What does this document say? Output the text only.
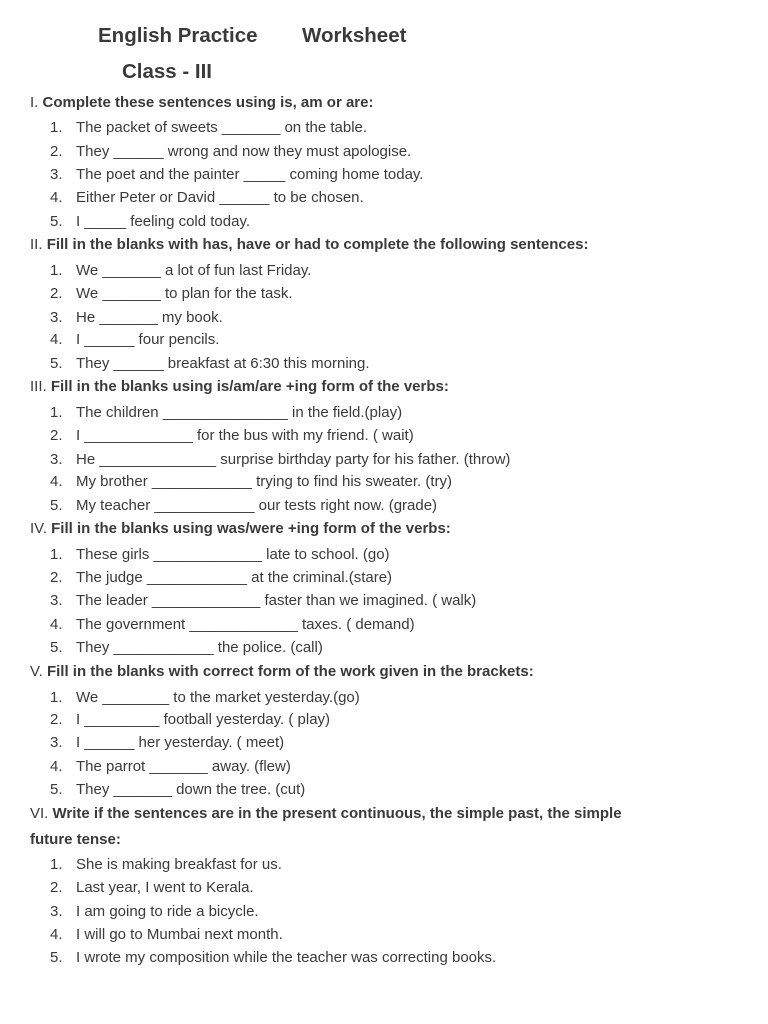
English Practice Worksheet
Class - III
I. Complete these sentences using is, am or are:
1. The packet of sweets _______ on the table.
2. They ______ wrong and now they must apologise.
3. The poet and the painter _____ coming home today.
4. Either Peter or David ______ to be chosen.
5. I _____ feeling cold today.
II. Fill in the blanks with has, have or had to complete the following sentences:
1. We _______ a lot of fun last Friday.
2. We _______ to plan for the task.
3. He _______ my book.
4. I ______ four pencils.
5. They ______ breakfast at 6:30 this morning.
III. Fill in the blanks using is/am/are +ing form of the verbs:
1. The children _______________ in the field.(play)
2. I _____________ for the bus with my friend. ( wait)
3. He ______________ surprise birthday party for his father. (throw)
4. My brother ____________ trying to find his sweater. (try)
5. My teacher ____________ our tests right now. (grade)
IV. Fill in the blanks using was/were +ing form of the verbs:
1. These girls _____________ late to school. (go)
2. The judge ____________ at the criminal.(stare)
3. The leader _____________ faster than we imagined. ( walk)
4. The government _____________ taxes. ( demand)
5. They ____________ the police. (call)
V. Fill in the blanks with correct form of the work given in the brackets:
1. We ________ to the market yesterday.(go)
2. I _________ football yesterday. ( play)
3. I ______ her yesterday. ( meet)
4. The parrot _______ away. (flew)
5. They _______ down the tree. (cut)
VI. Write if the sentences are in the present continuous, the simple past, the simple
future tense:
1. She is making breakfast for us.
2. Last year, I went to Kerala.
3. I am going to ride a bicycle.
4. I will go to Mumbai next month.
5. I wrote my composition while the teacher was correcting books.
